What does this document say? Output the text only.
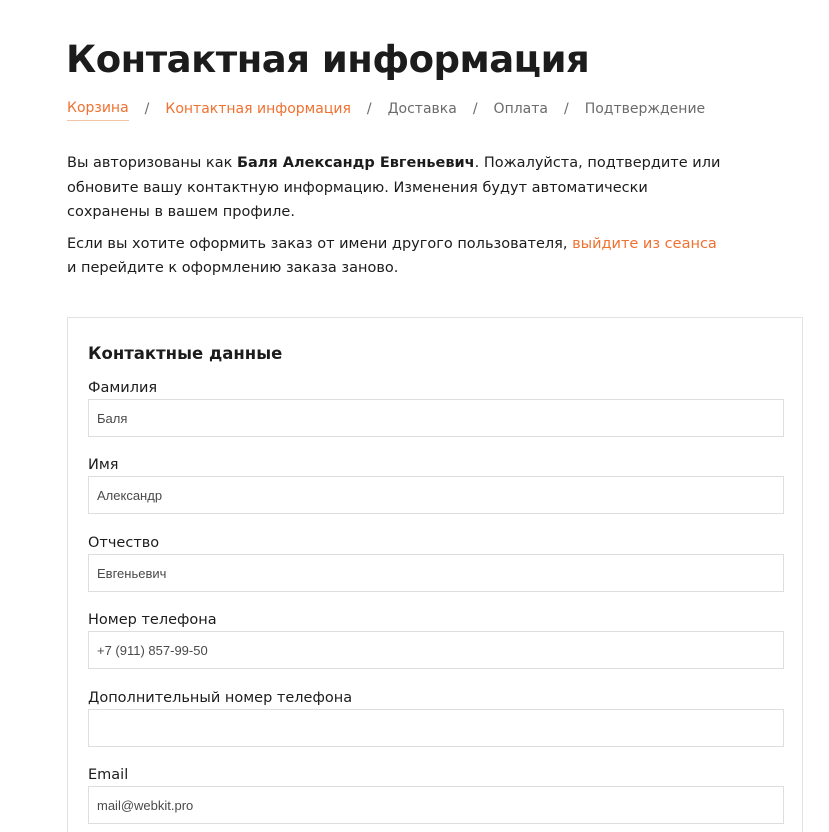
Контактная информация
Корзина / Контактная информация / Доставка / Оплата / Подтверждение

Вы авторизованы как Баля Александр Евгеньевич. Пожалуйста, подтвердите или обновите вашу контактную информацию. Изменения будут автоматически сохранены в вашем профиле.

Если вы хотите оформить заказ от имени другого пользователя, выйдите из сеанса и перейдите к оформлению заказа заново.

Контактные данные
Фамилия
Баля
Имя
Александр
Отчество
Евгеньевич
Номер телефона
+7 (911) 857-99-50
Дополнительный номер телефона
Email
mail@webkit.pro
